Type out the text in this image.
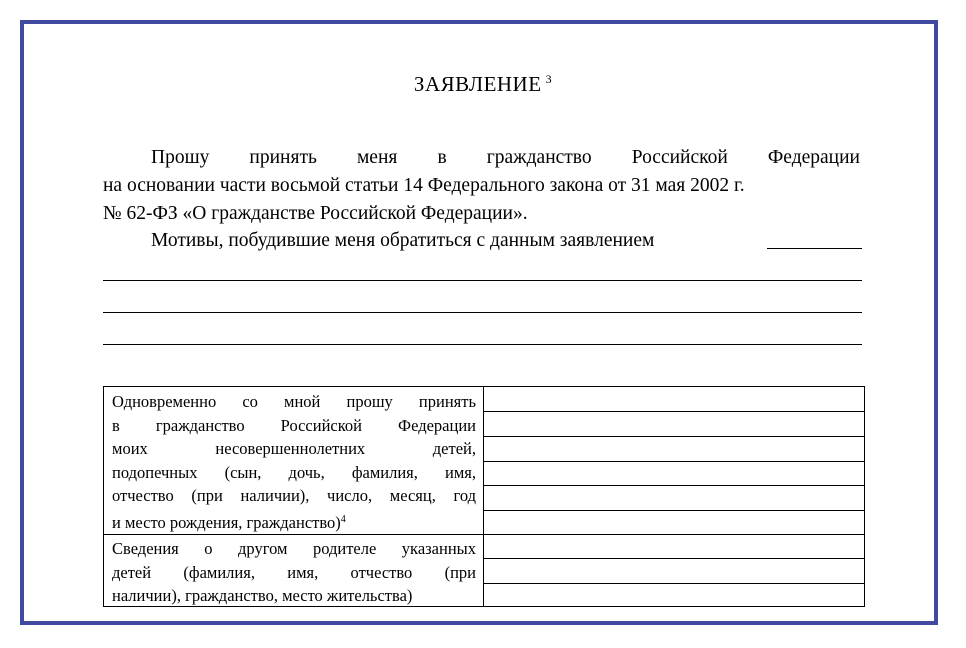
ЗАЯВЛЕНИЕ $^3$
Прошу принять меня в гражданство Российской Федерации
на основании части восьмой статьи 14 Федерального закона от 31 мая 2002 г.
№ 62-ФЗ «О гражданстве Российской Федерации».
Мотивы, побудившие меня обратиться с данным заявлением
Одновременно со мной прошу принять
в гражданство Российской Федерации
моих несовершеннолетних детей,
подопечных (сын, дочь, фамилия, имя,
отчество (при наличии), число, месяц, год
и место рождения, гражданство)$^4$
Сведения о другом родителе указанных
детей (фамилия, имя, отчество (при
наличии), гражданство, место жительства)
